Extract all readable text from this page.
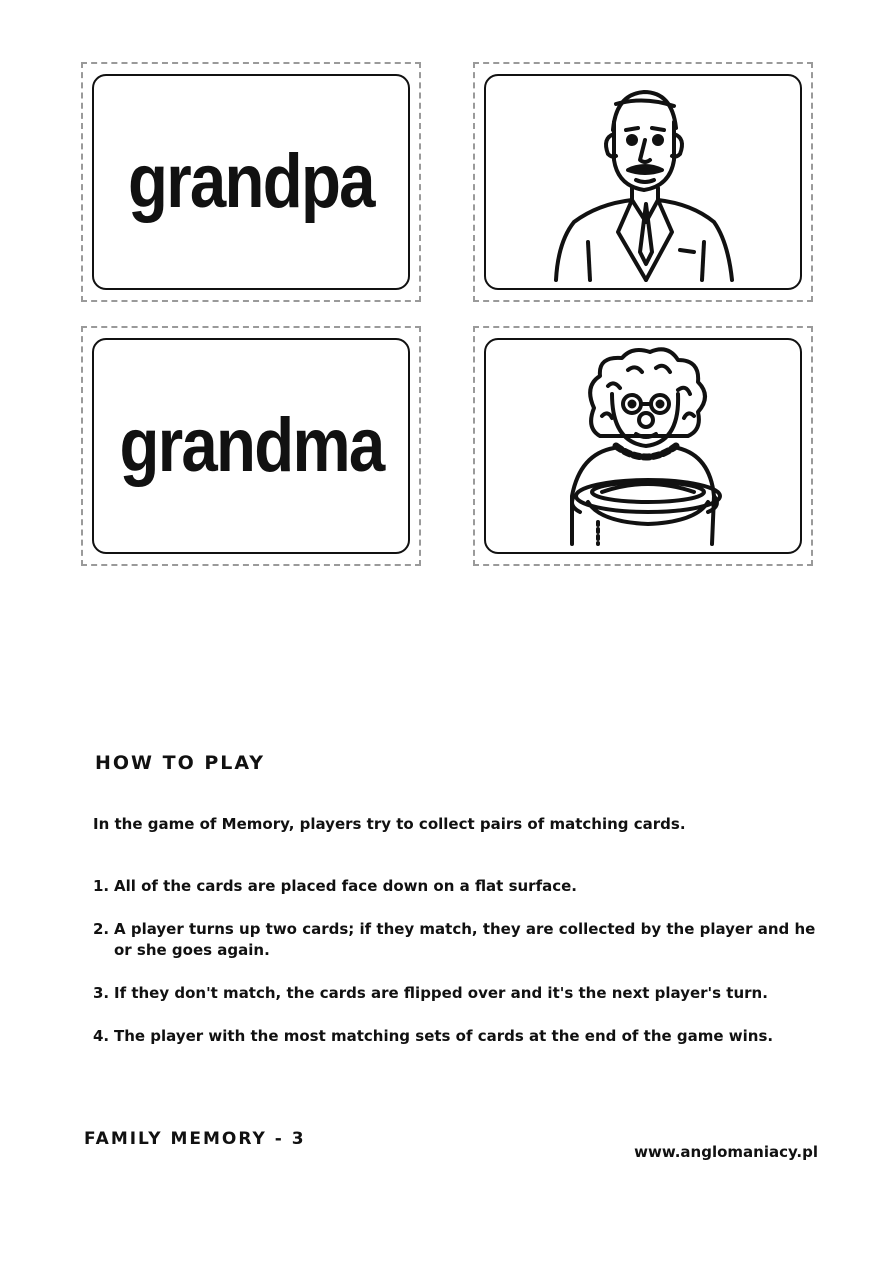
grandpa
grandma
HOW TO PLAY
In the game of Memory, players try to collect pairs of matching cards.
1. All of the cards are placed face down on a flat surface.
2. A player turns up two cards; if they match, they are collected by the player and he or she goes again.
3. If they don't match, the cards are flipped over and it's the next player's turn.
4. The player with the most matching sets of cards at the end of the game wins.
FAMILY MEMORY - 3
www.anglomaniacy.pl
